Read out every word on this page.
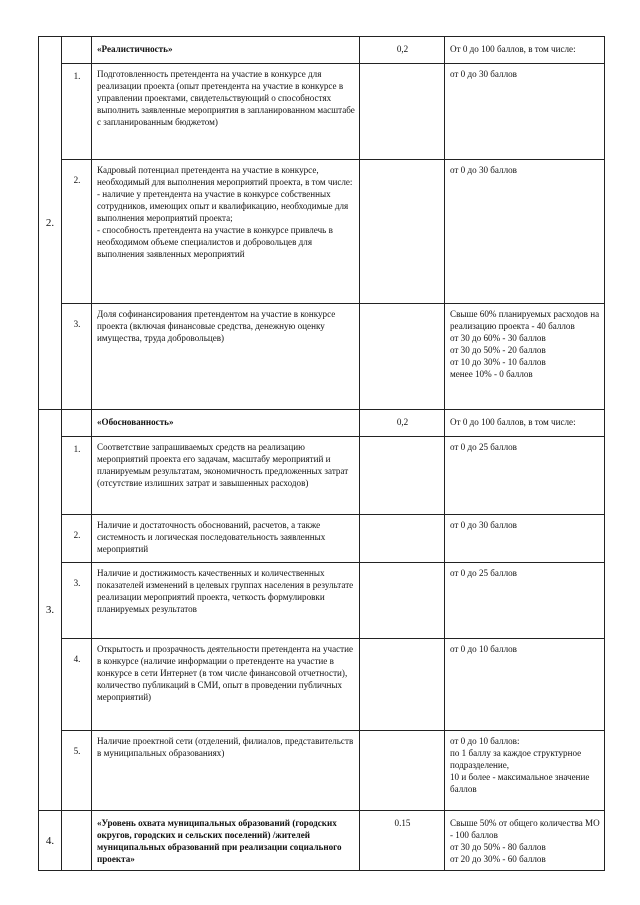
2.		«Реалистичность»	0,2	От 0 до 100 баллов, в том числе:
	1.	Подготовленность претендента на участие в конкурсе для реализации проекта (опыт претендента на участие в конкурсе в управлении проектами, свидетельствующий о способностях выполнить заявленные мероприятия в запланированном масштабе с запланированным бюджетом)		от 0 до 30 баллов
	2.	Кадровый потенциал претендента на участие в конкурсе, необходимый для выполнения мероприятий проекта, в том числе:
- наличие у претендента на участие в конкурсе собственных сотрудников, имеющих опыт и квалификацию, необходимые для выполнения мероприятий проекта;
- способность претендента на участие в конкурсе привлечь в необходимом объеме специалистов и добровольцев для выполнения заявленных мероприятий		от 0 до 30 баллов
	3.	Доля софинансирования претендентом на участие в конкурсе проекта (включая финансовые средства, денежную оценку имущества, труда добровольцев)		Свыше 60% планируемых расходов на реализацию проекта - 40 баллов
от 30 до 60% - 30 баллов
от 30 до 50% - 20 баллов
от 10 до 30% - 10 баллов
менее 10% - 0 баллов
3.		«Обоснованность»	0,2	От 0 до 100 баллов, в том числе:
	1.	Соответствие запрашиваемых средств на реализацию мероприятий проекта его задачам, масштабу мероприятий и планируемым результатам, экономичность предложенных затрат (отсутствие излишних затрат и завышенных расходов)		от 0 до 25 баллов
	2.	Наличие и достаточность обоснований, расчетов, а также системность и логическая последовательность заявленных мероприятий		от 0 до 30 баллов
	3.	Наличие и достижимость качественных и количественных показателей изменений в целевых группах населения в результате реализации мероприятий проекта, четкость формулировки планируемых результатов		от 0 до 25 баллов
	4.	Открытость и прозрачность деятельности претендента на участие в конкурсе (наличие информации о претенденте на участие в конкурсе в сети Интернет (в том числе финансовой отчетности), количество публикаций в СМИ, опыт в проведении публичных мероприятий)		от 0 до 10 баллов
	5.	Наличие проектной сети (отделений, филиалов, представительств в муниципальных образованиях)		от 0 до 10 баллов:
по 1 баллу за каждое структурное подразделение,
10 и более - максимальное значение баллов
4.		«Уровень охвата муниципальных образований (городских округов, городских и сельских поселений) /жителей муниципальных образований при реализации социального проекта»	0.15	Свыше 50% от общего количества МО - 100 баллов
от 30 до 50% - 80 баллов
от 20 до 30% - 60 баллов
